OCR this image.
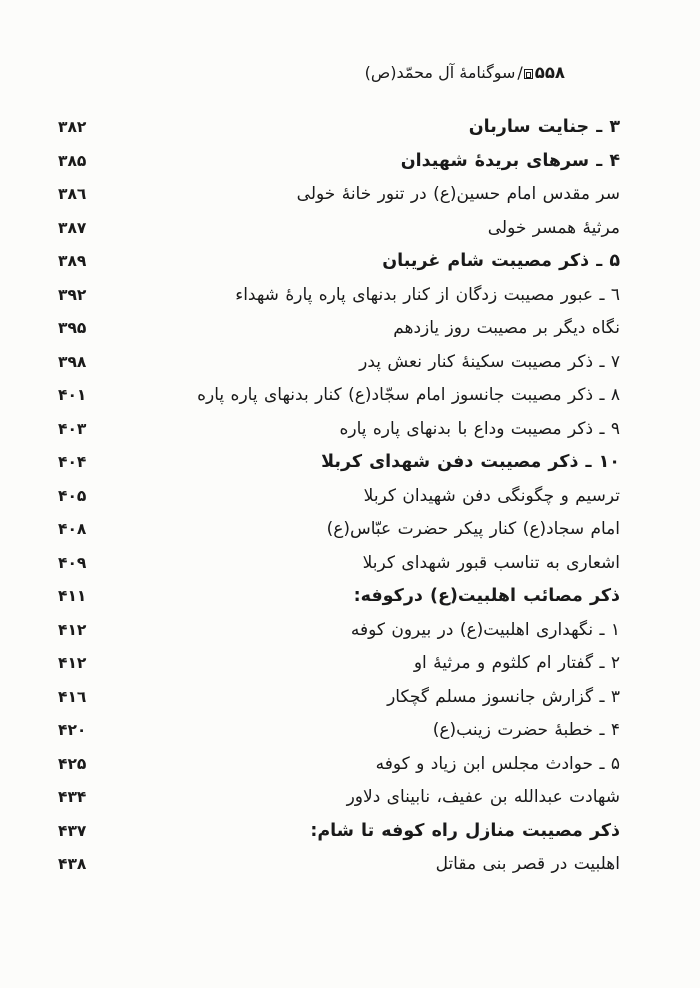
۵۵۸/سوگنامهٔ آل محمّد(ص)
۳۸۲	۳ ـ جنایت ساربان
۳۸۵	۴ ـ سرهای بریدهٔ شهیدان
۳۸٦	سر مقدس امام حسین(ع) در تنور خانهٔ خولی
۳۸۷	مرثیهٔ همسر خولی
۳۸۹	۵ ـ ذکر مصیبت شام غریبان
۳۹۲	٦ ـ عبور مصیبت زدگان از کنار بدنهای پاره پارهٔ شهداء
۳۹۵	نگاه دیگر بر مصیبت روز یازدهم
۳۹۸	۷ ـ ذکر مصیبت سکینهٔ کنار نعش پدر
۴۰۱	۸ ـ ذکر مصیبت جانسوز امام سجّاد(ع) کنار بدنهای پاره پاره
۴۰۳	۹ ـ ذکر مصیبت وداع با بدنهای پاره پاره
۴۰۴	۱۰ ـ ذکر مصیبت دفن شهدای کربلا
۴۰۵	ترسیم و چگونگی دفن شهیدان کربلا
۴۰۸	امام سجاد(ع) کنار پیکر حضرت عبّاس(ع)
۴۰۹	اشعاری به تناسب قبور شهدای کربلا
۴۱۱	ذکر مصائب اهلبیت(ع) درکوفه:
۴۱۲	۱ ـ نگهداری اهلبیت(ع) در بیرون کوفه
۴۱۲	۲ ـ گفتار ام کلثوم و مرثیهٔ او
۴۱٦	۳ ـ گزارش جانسوز مسلم گچکار
۴۲۰	۴ ـ خطبهٔ حضرت زینب(ع)
۴۲۵	۵ ـ حوادث مجلس ابن زیاد و کوفه
۴۳۴	شهادت عبدالله بن عفیف، نابینای دلاور
۴۳۷	ذکر مصیبت منازل راه کوفه تا شام:
۴۳۸	اهلبیت در قصر بنی مقاتل
